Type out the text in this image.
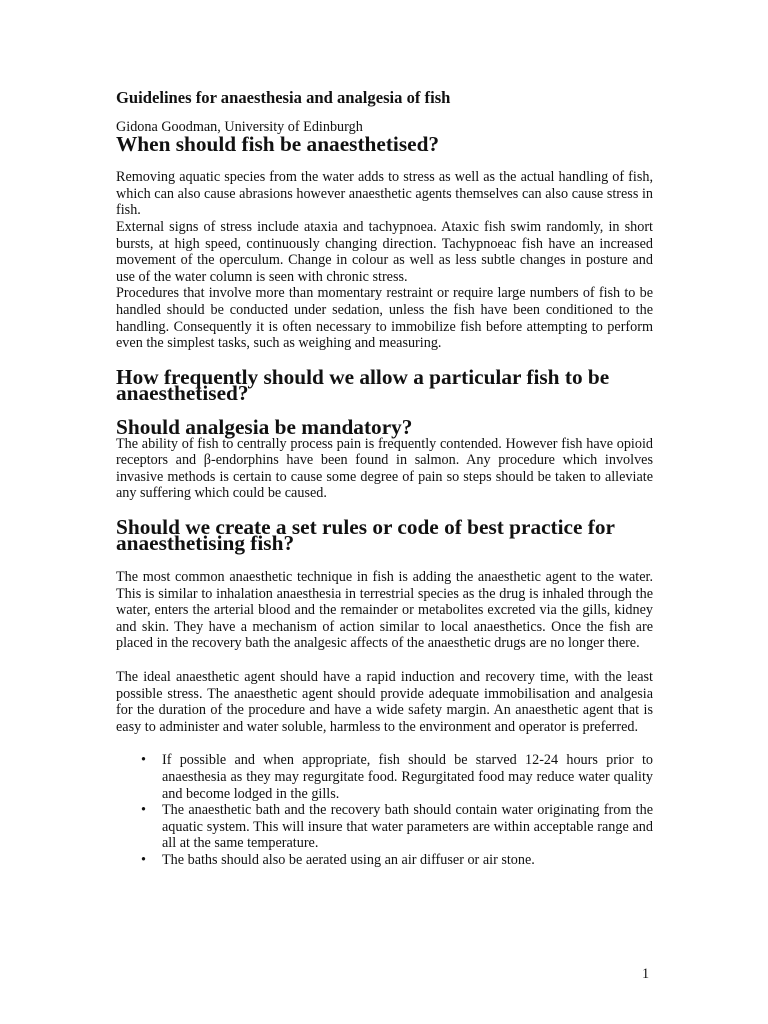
Guidelines for anaesthesia and analgesia of fish

Gidona Goodman, University of Edinburgh

When should fish be anaesthetised?

Removing aquatic species from the water adds to stress as well as the actual handling of fish, which can also cause abrasions however anaesthetic agents themselves can also cause stress in fish.

External signs of stress include ataxia and tachypnoea. Ataxic fish swim randomly, in short bursts, at high speed, continuously changing direction. Tachypnoeac fish have an increased movement of the operculum. Change in colour as well as less subtle changes in posture and use of the water column is seen with chronic stress.

Procedures that involve more than momentary restraint or require large numbers of fish to be handled should be conducted under sedation, unless the fish have been conditioned to the handling. Consequently it is often necessary to immobilize fish before attempting to perform even the simplest tasks, such as weighing and measuring.

How frequently should we allow a particular fish to be anaesthetised?
Should analgesia be mandatory?

The ability of fish to centrally process pain is frequently contended. However fish have opioid receptors and β-endorphins have been found in salmon. Any procedure which involves invasive methods is certain to cause some degree of pain so steps should be taken to alleviate any suffering which could be caused.

Should we create a set rules or code of best practice for anaesthetising fish?

The most common anaesthetic technique in fish is adding the anaesthetic agent to the water. This is similar to inhalation anaesthesia in terrestrial species as the drug is inhaled through the water, enters the arterial blood and the remainder or metabolites excreted via the gills, kidney and skin. They have a mechanism of action similar to local anaesthetics. Once the fish are placed in the recovery bath the analgesic affects of the anaesthetic drugs are no longer there.

The ideal anaesthetic agent should have a rapid induction and recovery time, with the least possible stress. The anaesthetic agent should provide adequate immobilisation and analgesia for the duration of the procedure and have a wide safety margin. An anaesthetic agent that is easy to administer and water soluble, harmless to the environment and operator is preferred.

• If possible and when appropriate, fish should be starved 12-24 hours prior to anaesthesia as they may regurgitate food. Regurgitated food may reduce water quality and become lodged in the gills.
• The anaesthetic bath and the recovery bath should contain water originating from the aquatic system. This will insure that water parameters are within acceptable range and all at the same temperature.
• The baths should also be aerated using an air diffuser or air stone.
1
